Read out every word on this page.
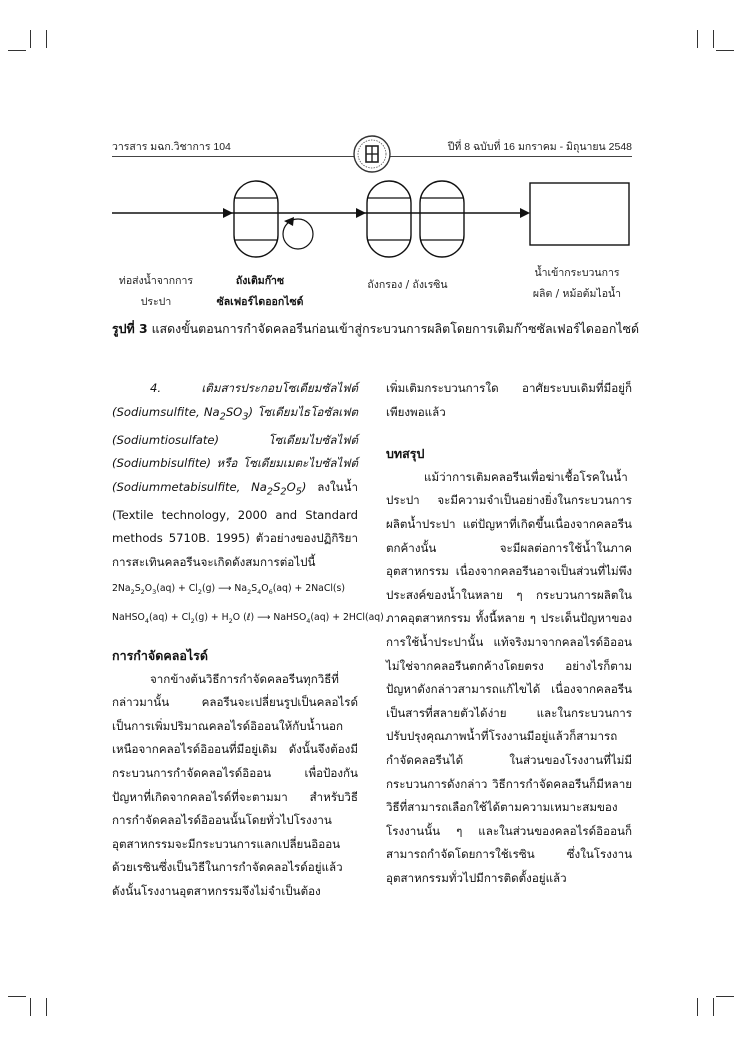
วารสาร มฉก.วิชาการ 104	ปีที่ 8 ฉบับที่ 16 มกราคม - มิถุนายน 2548
ท่อส่งน้ำจากการ
ประปา
ถังเติมก๊าซ
ซัลเฟอร์ไดออกไซด์
ถังกรอง / ถังเรซิน
น้ำเข้ากระบวนการ
ผลิต / หม้อต้มไอน้ำ
รูปที่ 3 แสดงขั้นตอนการกำจัดคลอรีนก่อนเข้าสู่กระบวนการผลิตโดยการเติมก๊าซซัลเฟอร์ไดออกไซด์

4. เติมสารประกอบโซเดียมซัลไฟต์ (Sodiumsulfite, $Na_2SO_3$) โซเดียมไธโอซัลเฟต (Sodiumtiosulfate) โซเดียมไบซัลไฟต์ (Sodiumbisulfite) หรือ โซเดียมเมตะไบซัลไฟต์ (Sodiummetabisulfite, $Na_2S_2O_5$) ลงในน้ำ (Textile technology, 2000 and Standard methods 5710B. 1995) ตัวอย่างของปฏิกิริยาการสะเทินคลอรีนจะเกิดดังสมการต่อไปนี้

$2Na_2S_2O_3(aq) + Cl_2(g)$ ⟶ $Na_2S_4O_6(aq)$ + 2NaCl(s)

NaHSO$_4$(aq) + $Cl_2(g) + H_2O$ (ℓ) ⟶ NaHSO$_4$(aq) + 2HCl(aq)

การกำจัดคลอไรด์

จากข้างต้นวิธีการกำจัดคลอรีนทุกวิธีที่กล่าวมานั้น คลอรีนจะเปลี่ยนรูปเป็นคลอไรด์ เป็นการเพิ่มปริมาณคลอไรด์อิออนให้กับน้ำนอกเหนือจากคลอไรด์อิออนที่มีอยู่เดิม ดังนั้นจึงต้องมีกระบวนการกำจัดคลอไรด์อิออน เพื่อป้องกันปัญหาที่เกิดจากคลอไรด์ที่จะตามมา สำหรับวิธีการกำจัดคลอไรด์อิออนนั้นโดยทั่วไปโรงงานอุตสาหกรรมจะมีกระบวนการแลกเปลี่ยนอิออนด้วยเรซินซึ่งเป็นวิธีในการกำจัดคลอไรด์อยู่แล้ว ดังนั้นโรงงานอุตสาหกรรมจึงไม่จำเป็นต้อง

เพิ่มเติมกระบวนการใด อาศัยระบบเดิมที่มีอยู่ก็เพียงพอแล้ว

บทสรุป

แม้ว่าการเติมคลอรีนเพื่อฆ่าเชื้อโรคในน้ำประปา จะมีความจำเป็นอย่างยิ่งในกระบวนการผลิตน้ำประปา แต่ปัญหาที่เกิดขึ้นเนื่องจากคลอรีนตกค้างนั้น จะมีผลต่อการใช้น้ำในภาคอุตสาหกรรม เนื่องจากคลอรีนอาจเป็นส่วนที่ไม่พึงประสงค์ของน้ำในหลาย ๆ กระบวนการผลิตในภาคอุตสาหกรรม ทั้งนี้หลาย ๆ ประเด็นปัญหาของการใช้น้ำประปานั้น แท้จริงมาจากคลอไรด์อิออน ไม่ใช่จากคลอรีนตกค้างโดยตรง อย่างไรก็ตามปัญหาดังกล่าวสามารถแก้ไขได้ เนื่องจากคลอรีนเป็นสารที่สลายตัวได้ง่าย และในกระบวนการปรับปรุงคุณภาพน้ำที่โรงงานมีอยู่แล้วก็สามารถกำจัดคลอรีนได้ ในส่วนของโรงงานที่ไม่มีกระบวนการดังกล่าว วิธีการกำจัดคลอรีนก็มีหลายวิธีที่สามารถเลือกใช้ได้ตามความเหมาะสมของโรงงานนั้น ๆ และในส่วนของคลอไรด์อิออนก็สามารถกำจัดโดยการใช้เรซิน ซึ่งในโรงงานอุตสาหกรรมทั่วไปมีการติดตั้งอยู่แล้ว
